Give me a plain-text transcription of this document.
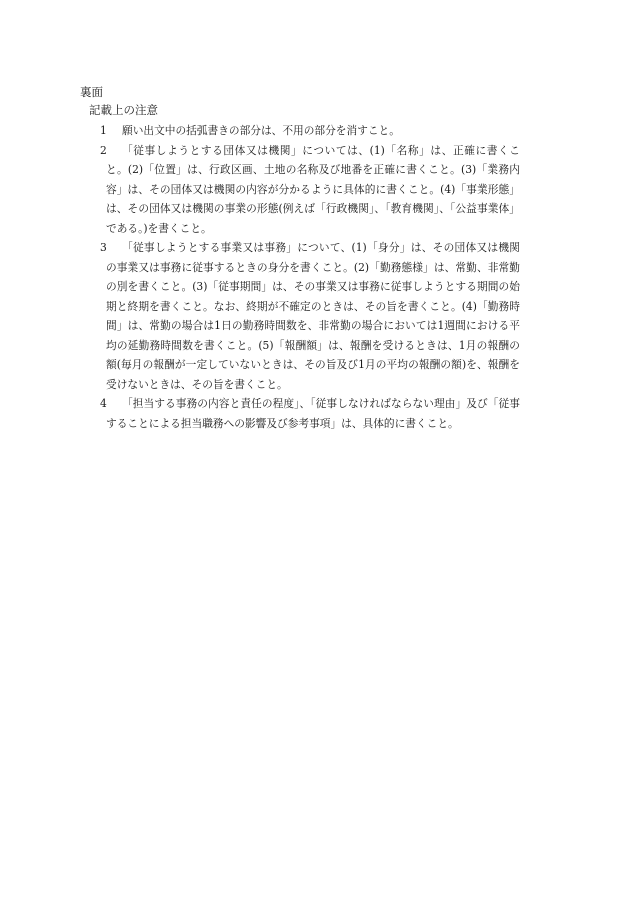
裏面
記載上の注意
1	願い出文中の括弧書きの部分は、不用の部分を消すこと。
2	「従事しようとする団体又は機関」については、(1)「名称」は、正確に書くこと。(2)「位置」は、行政区画、土地の名称及び地番を正確に書くこと。(3)「業務内容」は、その団体又は機関の内容が分かるように具体的に書くこと。(4)「事業形態」は、その団体又は機関の事業の形態(例えば「行政機関」、「教育機関」、「公益事業体」である。)を書くこと。
3	「従事しようとする事業又は事務」について、(1)「身分」は、その団体又は機関の事業又は事務に従事するときの身分を書くこと。(2)「勤務態様」は、常勤、非常勤の別を書くこと。(3)「従事期間」は、その事業又は事務に従事しようとする期間の始期と終期を書くこと。なお、終期が不確定のときは、その旨を書くこと。(4)「勤務時間」は、常勤の場合は1日の勤務時間数を、非常勤の場合においては1週間における平均の延勤務時間数を書くこと。(5)「報酬額」は、報酬を受けるときは、1月の報酬の額(毎月の報酬が一定していないときは、その旨及び1月の平均の報酬の額)を、報酬を受けないときは、その旨を書くこと。
4	「担当する事務の内容と責任の程度」、「従事しなければならない理由」及び「従事することによる担当職務への影響及び参考事項」は、具体的に書くこと。
